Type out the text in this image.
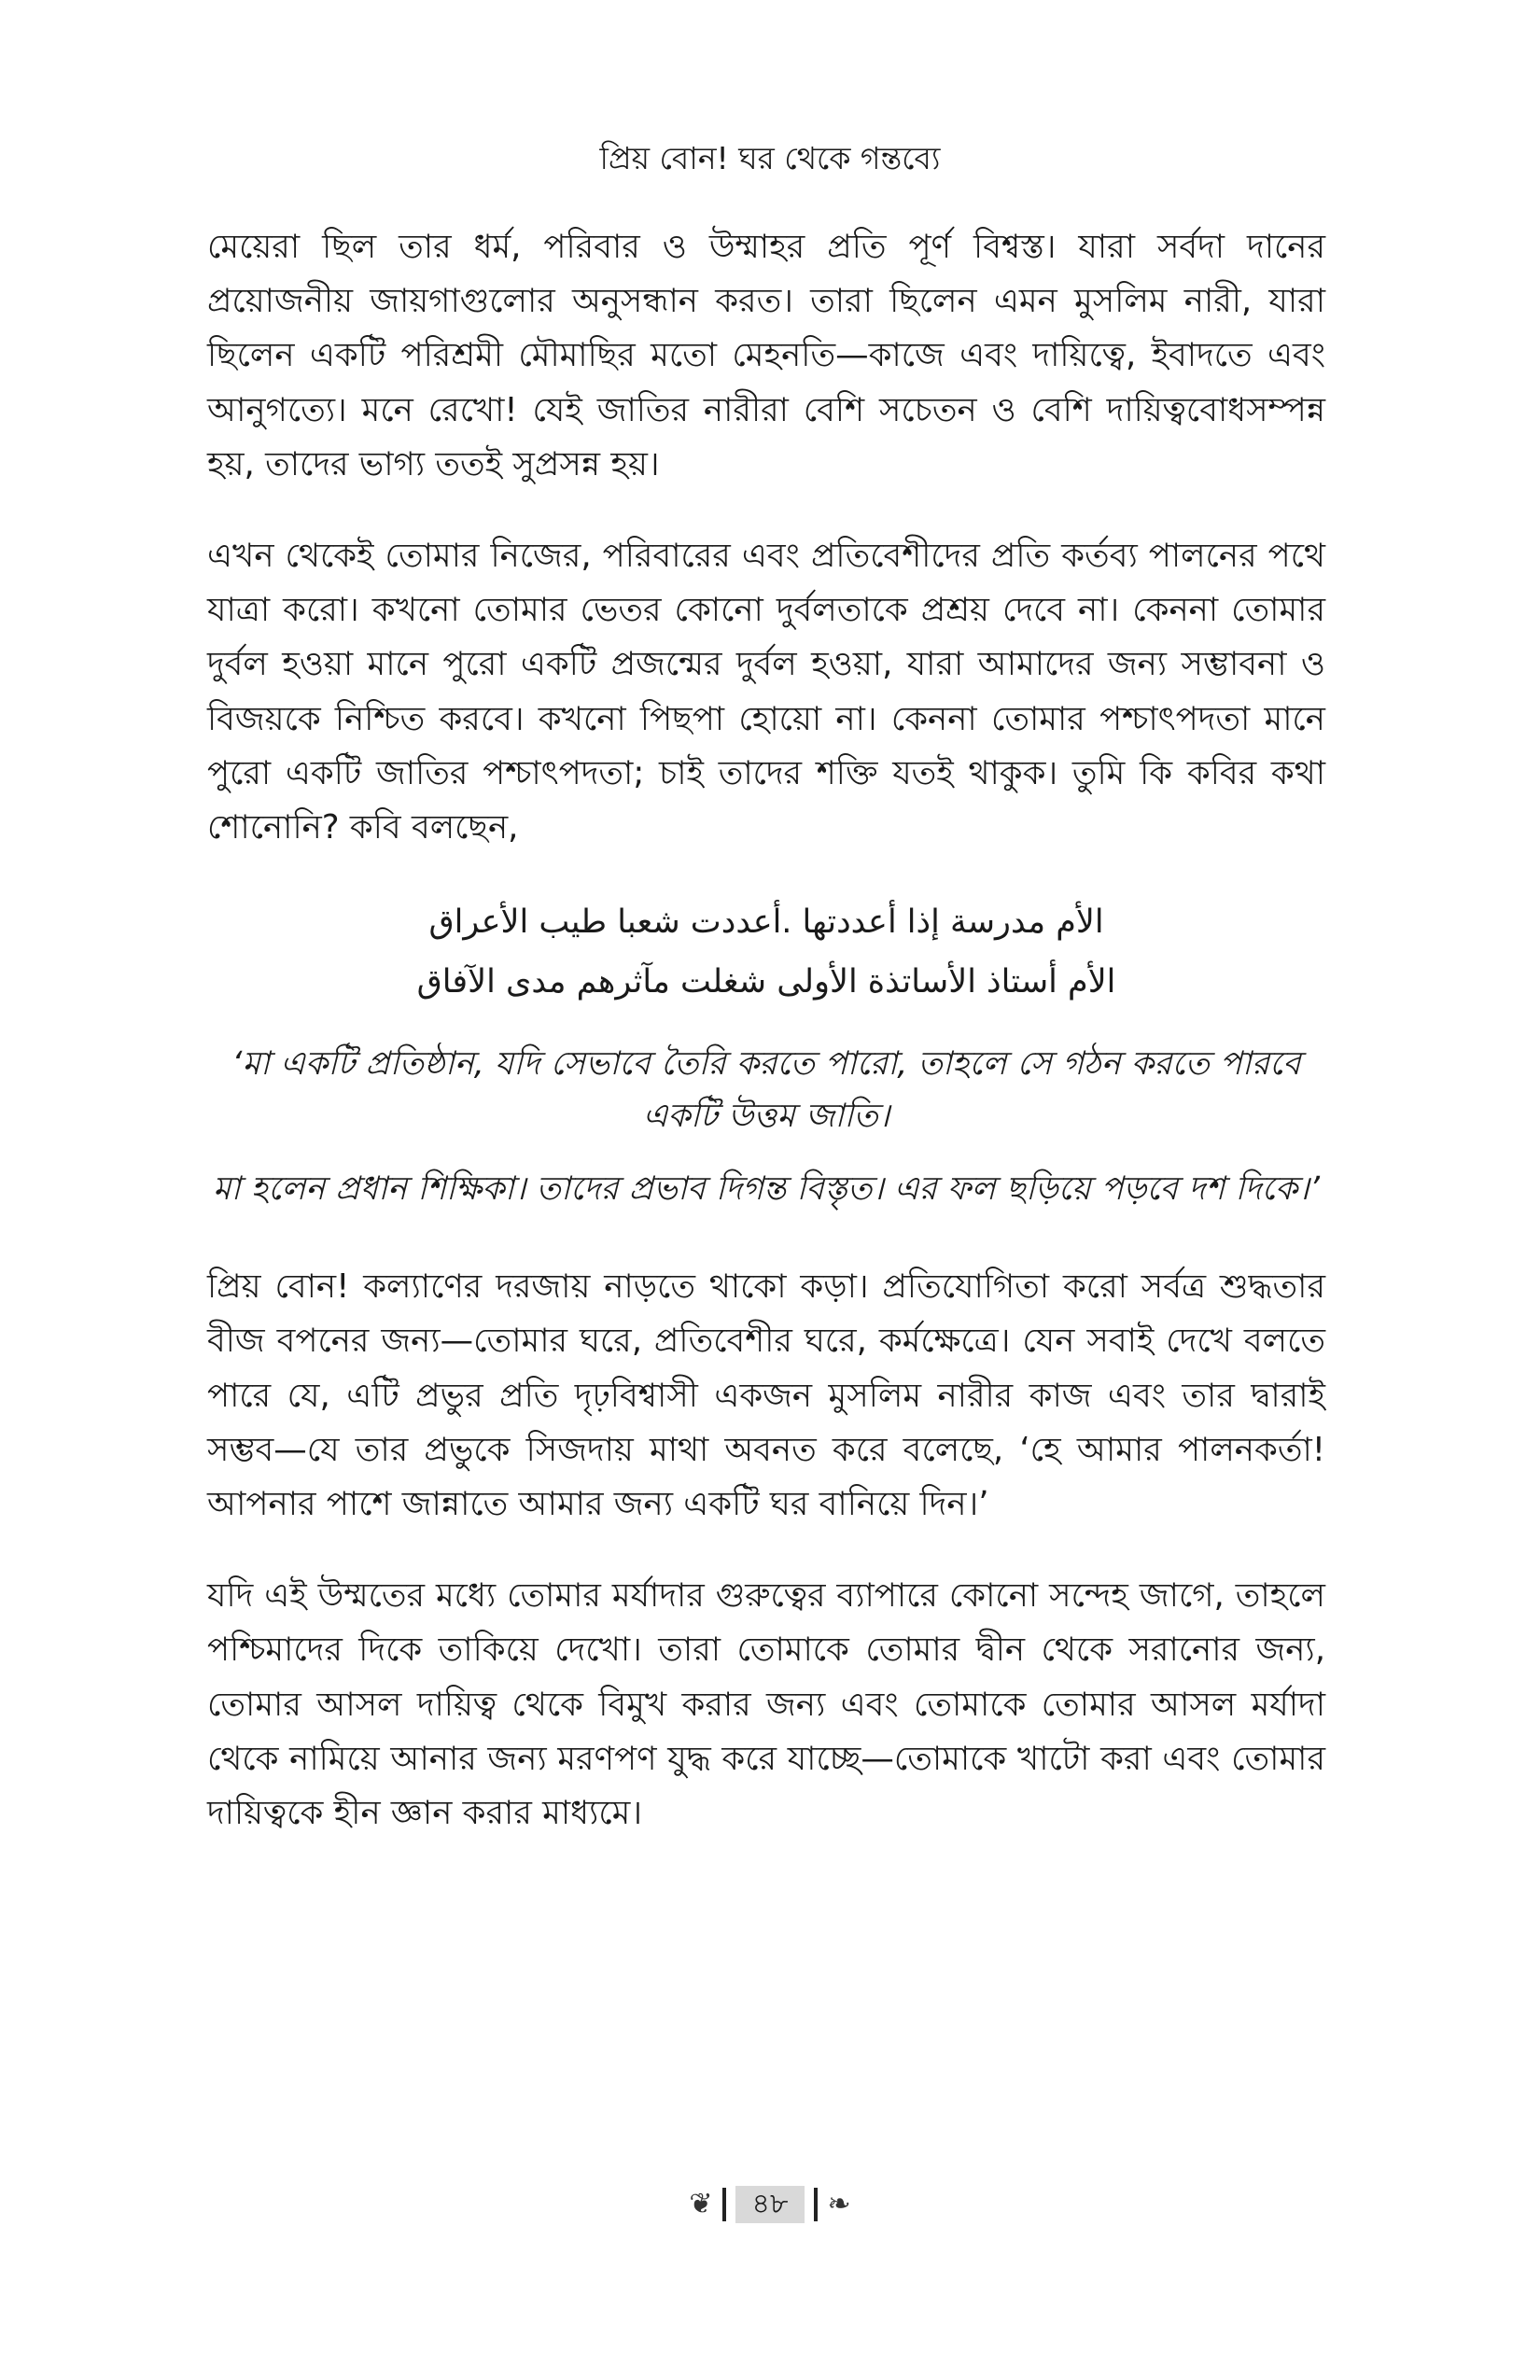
প্রিয় বোন! ঘর থেকে গন্তব্যে

মেয়েরা ছিল তার ধর্ম, পরিবার ও উম্মাহর প্রতি পূর্ণ বিশ্বস্ত। যারা সর্বদা দানের প্রয়োজনীয় জায়গাগুলোর অনুসন্ধান করত। তারা ছিলেন এমন মুসলিম নারী, যারা ছিলেন একটি পরিশ্রমী মৌমাছির মতো মেহনতি—কাজে এবং দায়িত্বে, ইবাদতে এবং আনুগত্যে। মনে রেখো! যেই জাতির নারীরা বেশি সচেতন ও বেশি দায়িত্ববোধসম্পন্ন হয়, তাদের ভাগ্য ততই সুপ্রসন্ন হয়।

এখন থেকেই তোমার নিজের, পরিবারের এবং প্রতিবেশীদের প্রতি কর্তব্য পালনের পথে যাত্রা করো। কখনো তোমার ভেতর কোনো দুর্বলতাকে প্রশ্রয় দেবে না। কেননা তোমার দুর্বল হওয়া মানে পুরো একটি প্রজন্মের দুর্বল হওয়া, যারা আমাদের জন্য সম্ভাবনা ও বিজয়কে নিশ্চিত করবে। কখনো পিছপা হোয়ো না। কেননা তোমার পশ্চাৎপদতা মানে পুরো একটি জাতির পশ্চাৎপদতা; চাই তাদের শক্তি যতই থাকুক। তুমি কি কবির কথা শোনোনি? কবি বলছেন,

الأم مدرسة إذا أعددتها .أعددت شعبا طيب الأعراق

الأم أستاذ الأساتذة الأولى شغلت مآثرهم مدى الآفاق

‘মা একটি প্রতিষ্ঠান, যদি সেভাবে তৈরি করতে পারো, তাহলে সে গঠন করতে পারবে একটি উত্তম জাতি।

মা হলেন প্রধান শিক্ষিকা। তাদের প্রভাব দিগন্ত বিস্তৃত। এর ফল ছড়িয়ে পড়বে দশ দিকে।’

প্রিয় বোন! কল্যাণের দরজায় নাড়তে থাকো কড়া। প্রতিযোগিতা করো সর্বত্র শুদ্ধতার বীজ বপনের জন্য—তোমার ঘরে, প্রতিবেশীর ঘরে, কর্মক্ষেত্রে। যেন সবাই দেখে বলতে পারে যে, এটি প্রভুর প্রতি দৃঢ়বিশ্বাসী একজন মুসলিম নারীর কাজ এবং তার দ্বারাই সম্ভব—যে তার প্রভুকে সিজদায় মাথা অবনত করে বলেছে, ‘হে আমার পালনকর্তা! আপনার পাশে জান্নাতে আমার জন্য একটি ঘর বানিয়ে দিন।’

যদি এই উম্মতের মধ্যে তোমার মর্যাদার গুরুত্বের ব্যাপারে কোনো সন্দেহ জাগে, তাহলে পশ্চিমাদের দিকে তাকিয়ে দেখো। তারা তোমাকে তোমার দ্বীন থেকে সরানোর জন্য, তোমার আসল দায়িত্ব থেকে বিমুখ করার জন্য এবং তোমাকে তোমার আসল মর্যাদা থেকে নামিয়ে আনার জন্য মরণপণ যুদ্ধ করে যাচ্ছে—তোমাকে খাটো করা এবং তোমার দায়িত্বকে হীন জ্ঞান করার মাধ্যমে।

❦	৪৮	❧
